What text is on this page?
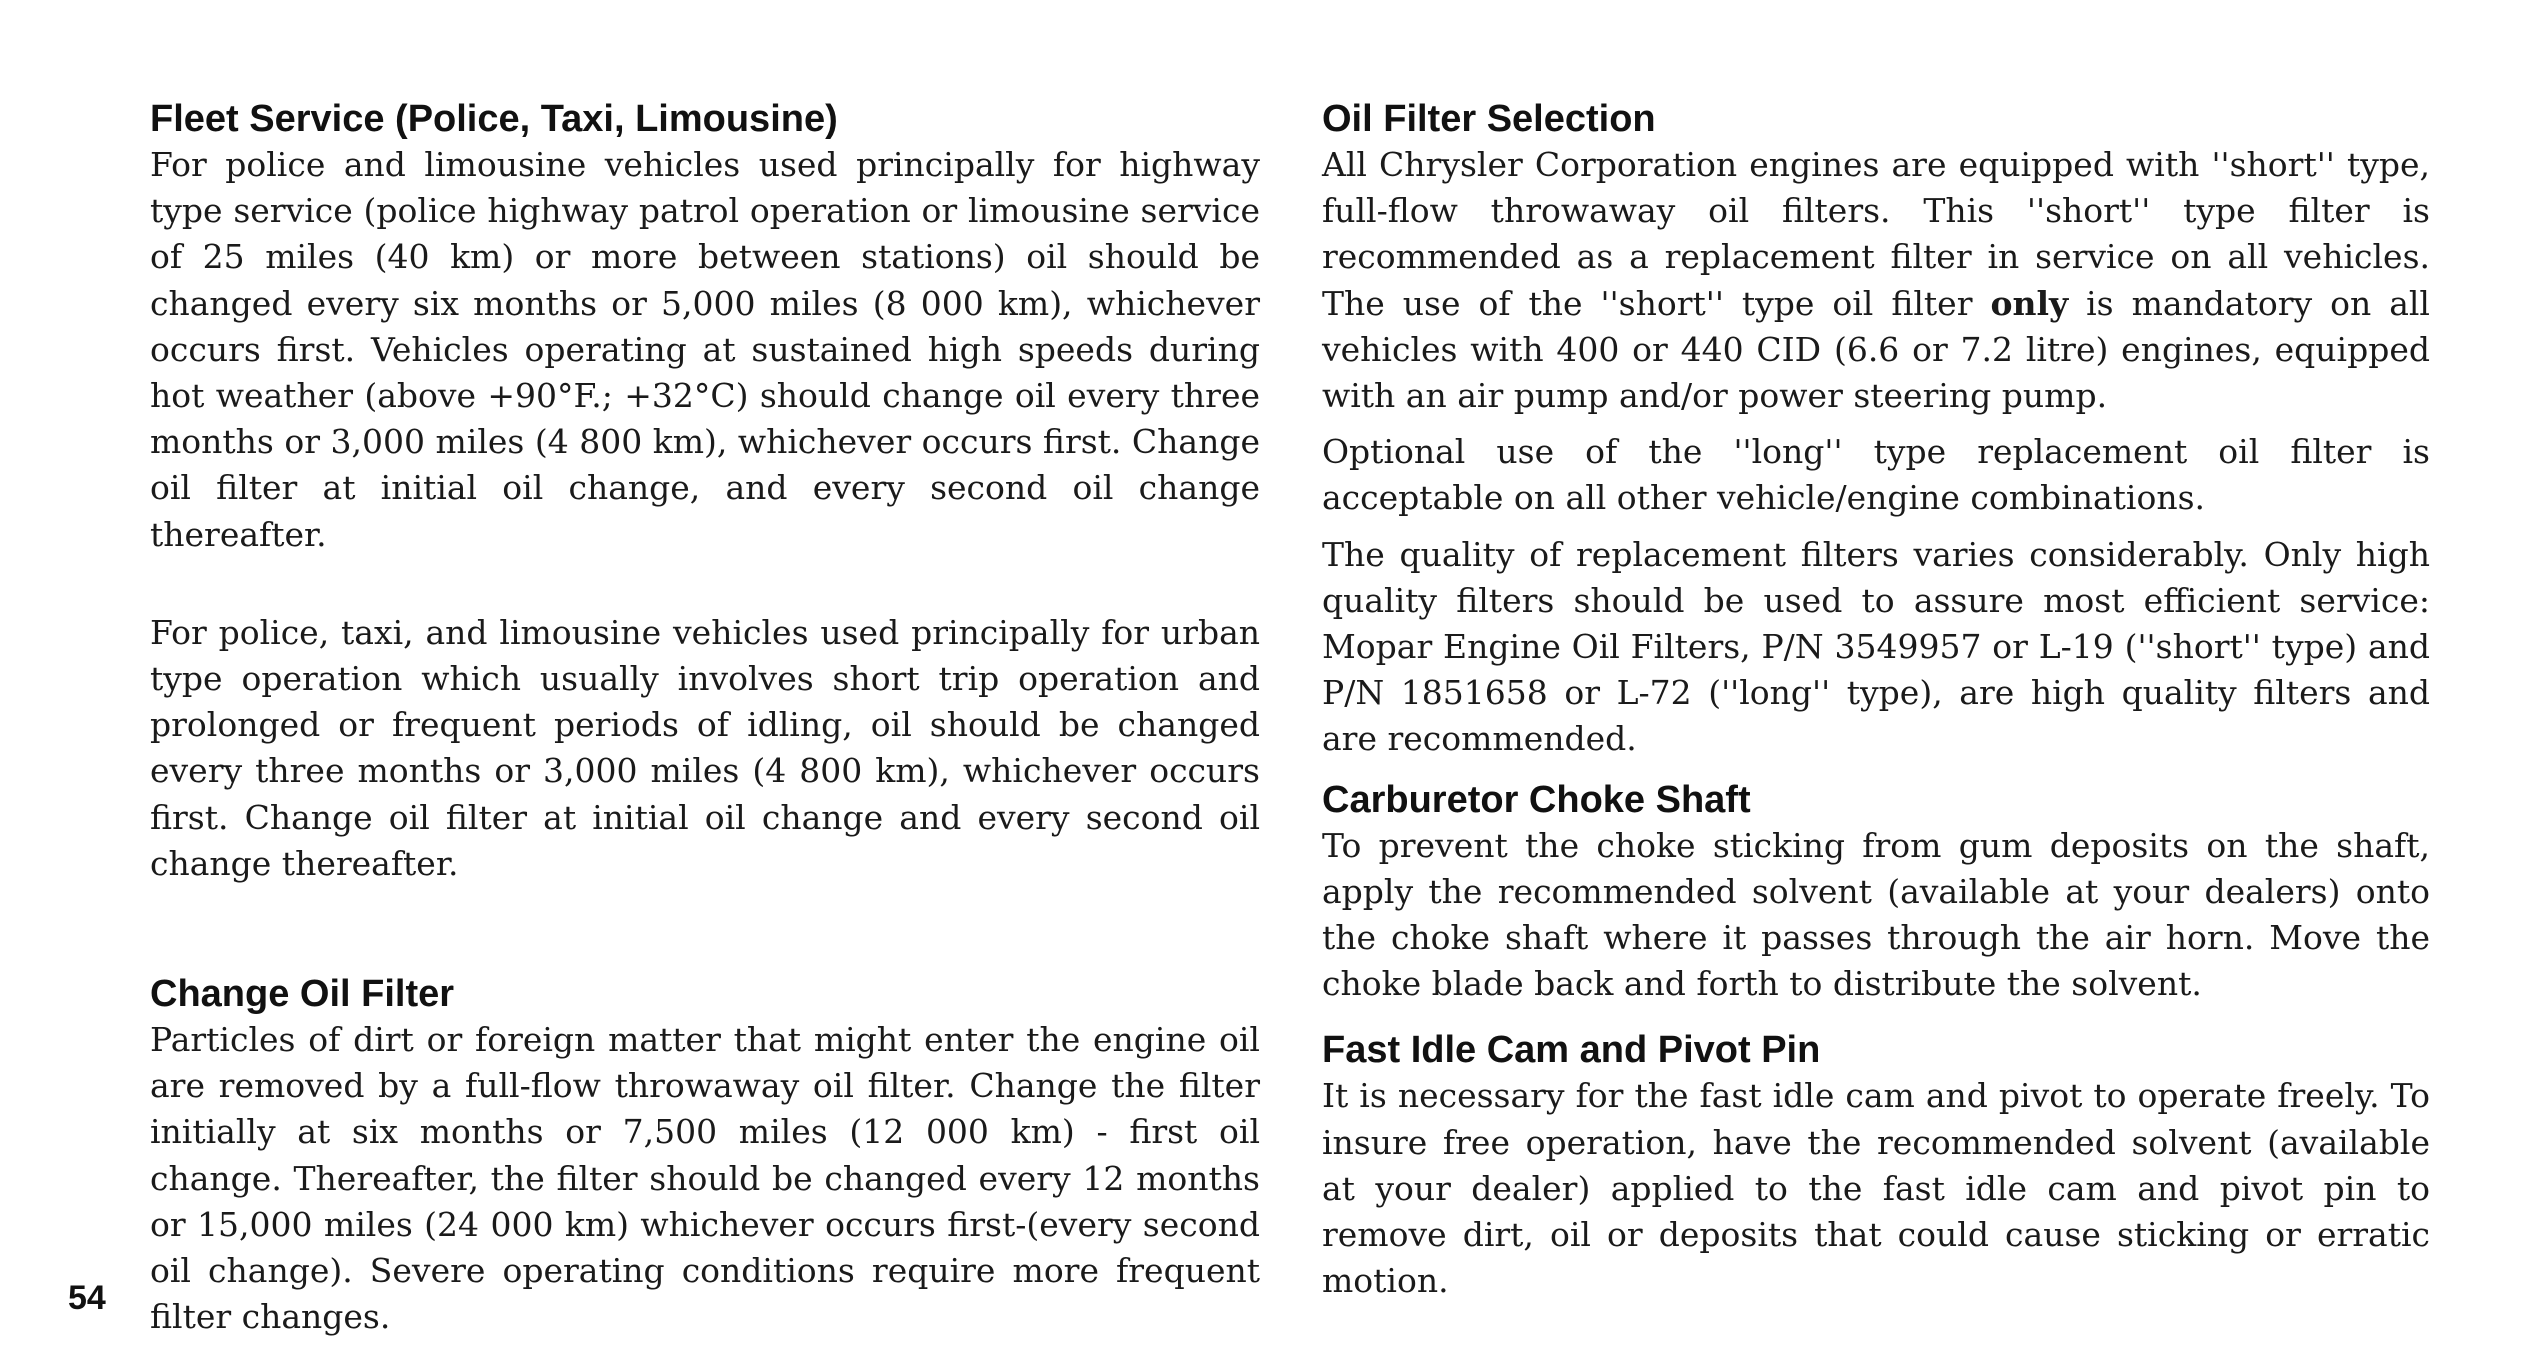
Fleet Service (Police, Taxi, Limousine)

For police and limousine vehicles used principally for highway type service (police highway patrol operation or limousine service of 25 miles (40 km) or more between stations) oil should be changed every six months or 5,000 miles (8 000 km), whichever occurs first. Vehicles operating at sustained high speeds during hot weather (above +90°F.; +32°C) should change oil every three months or 3,000 miles (4 800 km), whichever occurs first. Change oil filter at initial oil change, and every second oil change thereafter.

For police, taxi, and limousine vehicles used principally for urban type operation which usually involves short trip operation and prolonged or frequent periods of idling, oil should be changed every three months or 3,000 miles (4 800 km), whichever occurs first. Change oil filter at initial oil change and every second oil change thereafter.

Change Oil Filter

Particles of dirt or foreign matter that might enter the engine oil are removed by a full-flow throwaway oil filter. Change the filter initially at six months or 7,500 miles (12 000 km) - first oil change. Thereafter, the filter should be changed every 12 months or 15,000 miles (24 000 km) whichever occurs first-(every second oil change). Severe operating conditions require more frequent filter changes.

Oil Filter Selection

All Chrysler Corporation engines are equipped with ''short'' type, full-flow throwaway oil filters. This ''short'' type filter is recommended as a replacement filter in service on all vehicles. The use of the ''short'' type oil filter only is mandatory on all vehicles with 400 or 440 CID (6.6 or 7.2 litre) engines, equipped with an air pump and/or power steering pump.

Optional use of the ''long'' type replacement oil filter is acceptable on all other vehicle/engine combinations.

The quality of replacement filters varies considerably. Only high quality filters should be used to assure most efficient service: Mopar Engine Oil Filters, P/N 3549957 or L-19 (''short'' type) and P/N 1851658 or L-72 (''long'' type), are high quality filters and are recommended.

Carburetor Choke Shaft

To prevent the choke sticking from gum deposits on the shaft, apply the recommended solvent (available at your dealers) onto the choke shaft where it passes through the air horn. Move the choke blade back and forth to distribute the solvent.

Fast Idle Cam and Pivot Pin

It is necessary for the fast idle cam and pivot to operate freely. To insure free operation, have the recommended solvent (available at your dealer) applied to the fast idle cam and pivot pin to remove dirt, oil or deposits that could cause sticking or erratic motion.

54
